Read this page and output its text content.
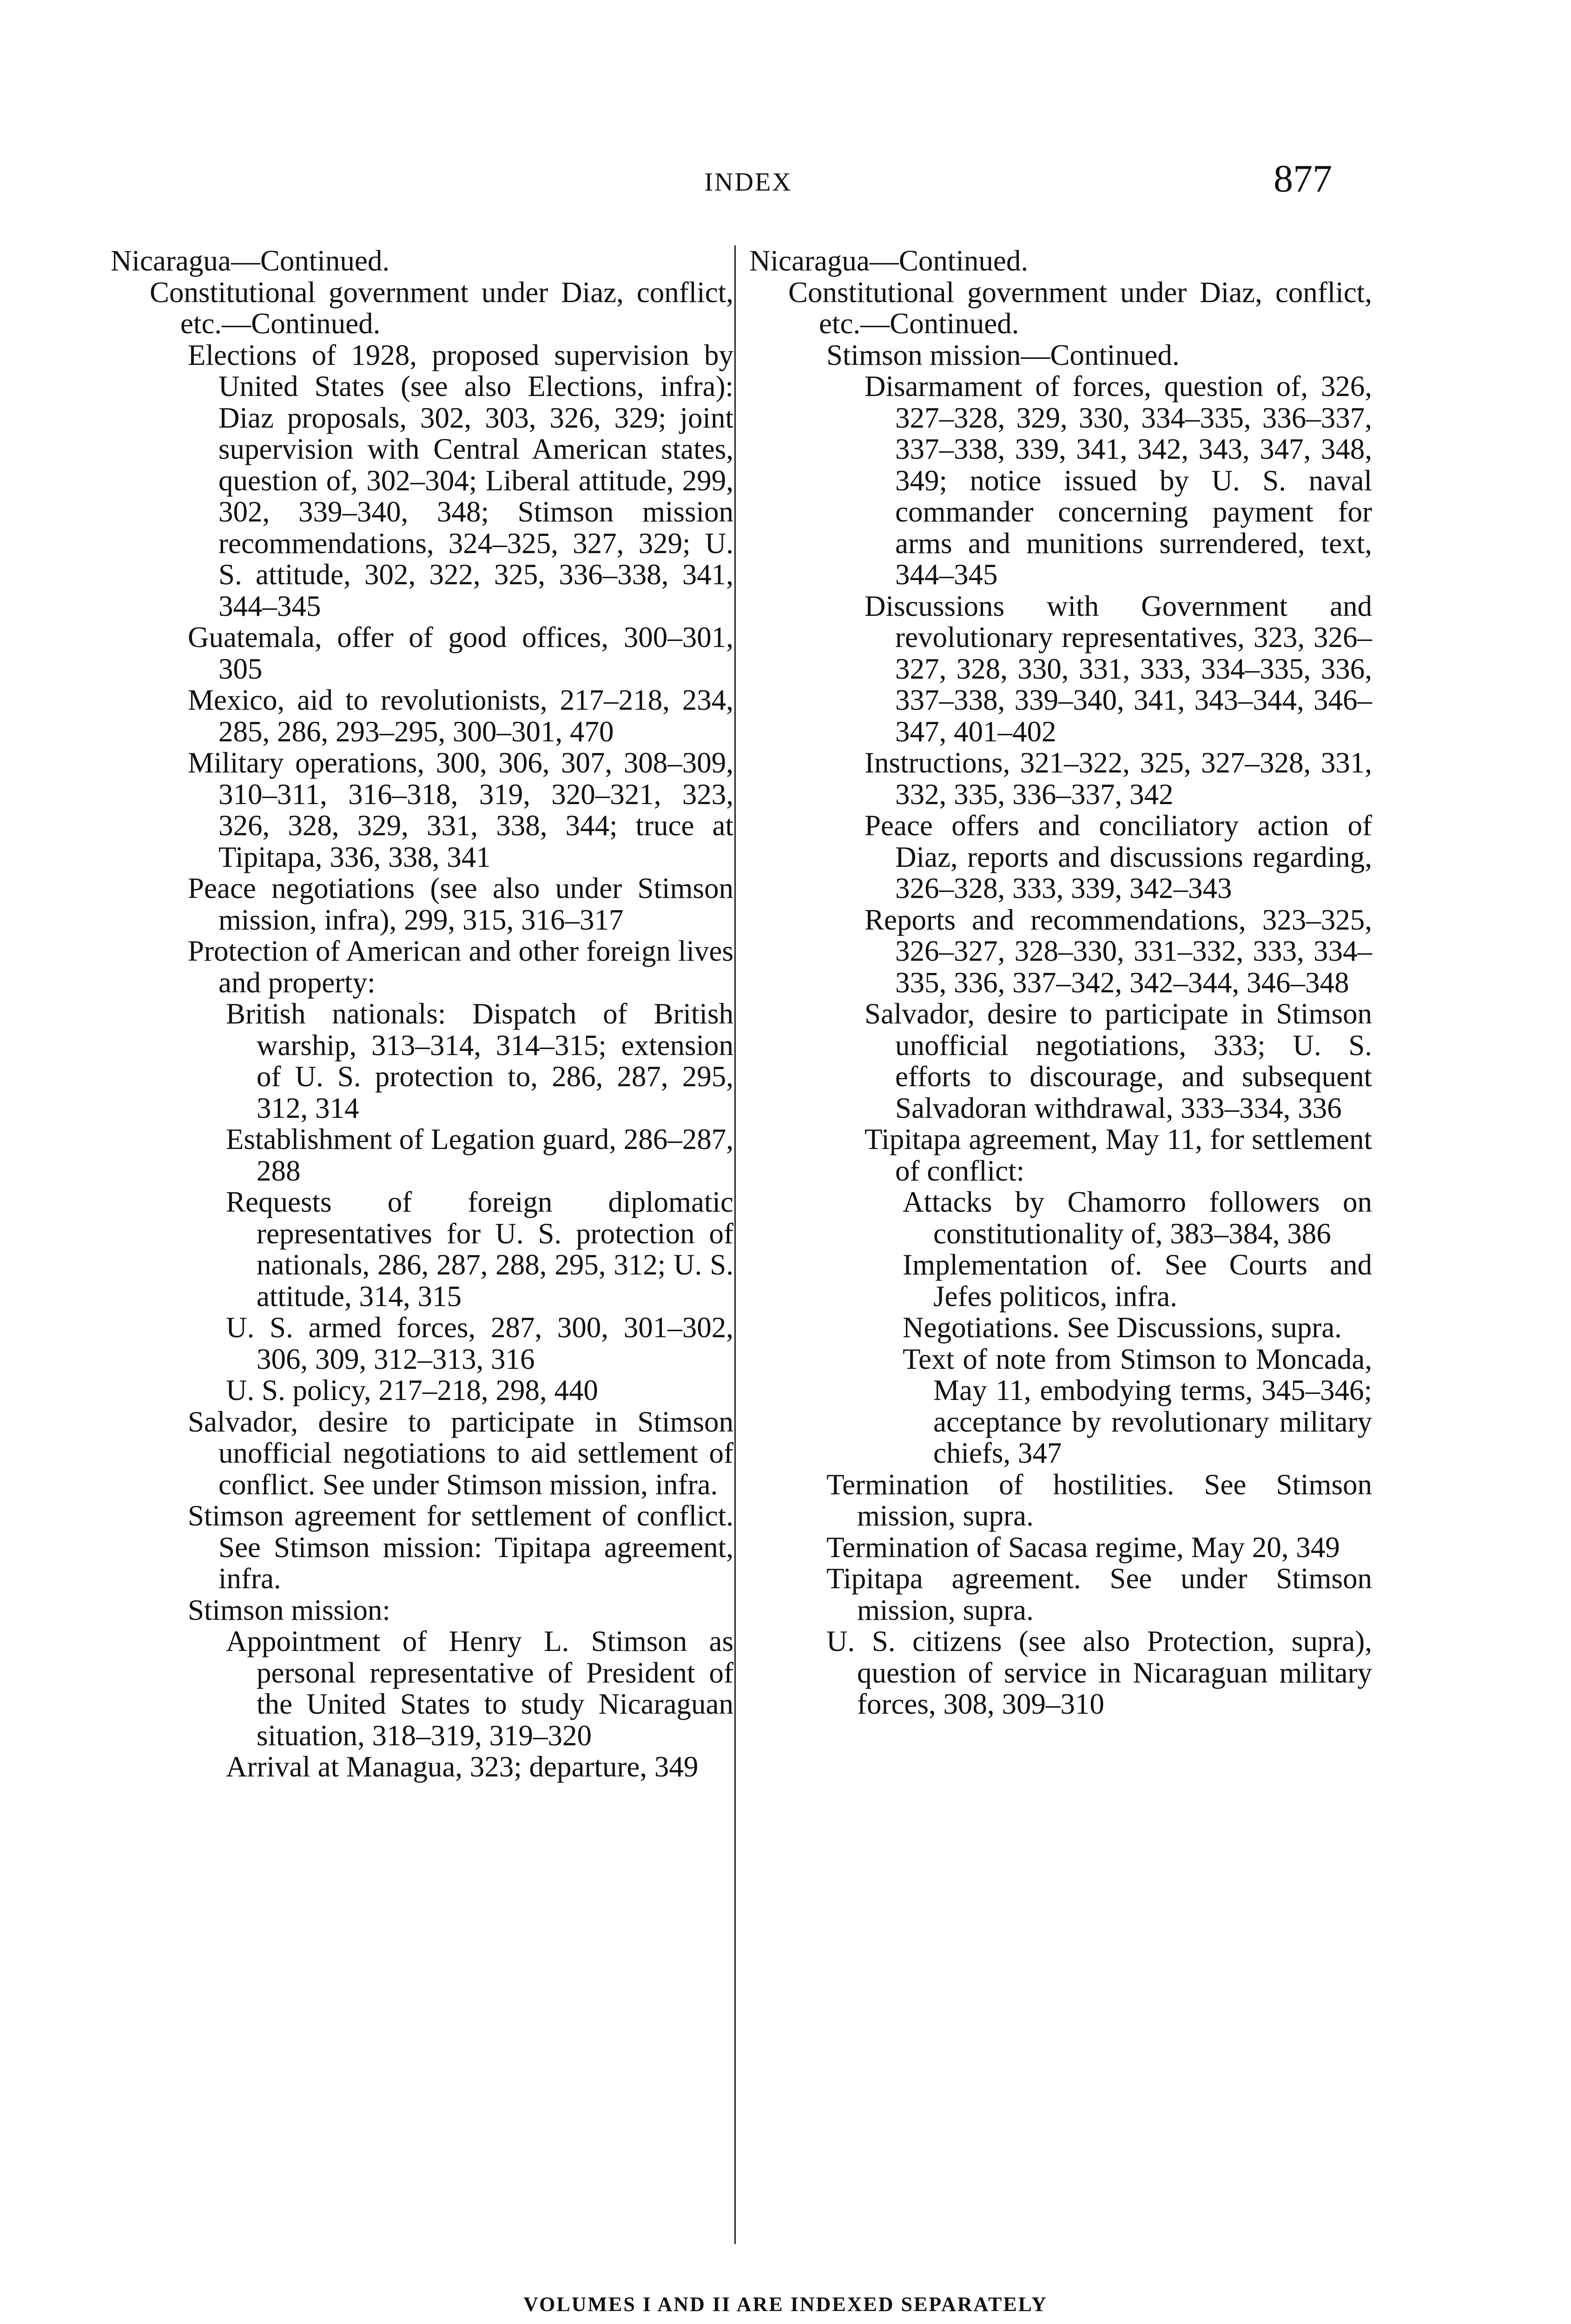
INDEX	877
Nicaragua—Continued.
Constitutional government under Diaz, conflict, etc.—Continued.
Elections of 1928, proposed supervision by United States (see also Elections, infra): Diaz proposals, 302, 303, 326, 329; joint supervision with Central American states, question of, 302–304; Liberal attitude, 299, 302, 339–340, 348; Stimson mission recommendations, 324–325, 327, 329; U. S. attitude, 302, 322, 325, 336–338, 341, 344–345
Guatemala, offer of good offices, 300–301, 305
Mexico, aid to revolutionists, 217–218, 234, 285, 286, 293–295, 300–301, 470
Military operations, 300, 306, 307, 308–309, 310–311, 316–318, 319, 320–321, 323, 326, 328, 329, 331, 338, 344; truce at Tipitapa, 336, 338, 341
Peace negotiations (see also under Stimson mission, infra), 299, 315, 316–317
Protection of American and other foreign lives and property:
British nationals: Dispatch of British warship, 313–314, 314–315; extension of U. S. protection to, 286, 287, 295, 312, 314
Establishment of Legation guard, 286–287, 288
Requests of foreign diplomatic representatives for U. S. protection of nationals, 286, 287, 288, 295, 312; U. S. attitude, 314, 315
U. S. armed forces, 287, 300, 301–302, 306, 309, 312–313, 316
U. S. policy, 217–218, 298, 440
Salvador, desire to participate in Stimson unofficial negotiations to aid settlement of conflict. See under Stimson mission, infra.
Stimson agreement for settlement of conflict. See Stimson mission: Tipitapa agreement, infra.
Stimson mission:
Appointment of Henry L. Stimson as personal representative of President of the United States to study Nicaraguan situation, 318–319, 319–320
Arrival at Managua, 323; departure, 349
Nicaragua—Continued.
Constitutional government under Diaz, conflict, etc.—Continued.
Stimson mission—Continued.
Disarmament of forces, question of, 326, 327–328, 329, 330, 334–335, 336–337, 337–338, 339, 341, 342, 343, 347, 348, 349; notice issued by U. S. naval commander concerning payment for arms and munitions surrendered, text, 344–345
Discussions with Government and revolutionary representatives, 323, 326–327, 328, 330, 331, 333, 334–335, 336, 337–338, 339–340, 341, 343–344, 346–347, 401–402
Instructions, 321–322, 325, 327–328, 331, 332, 335, 336–337, 342
Peace offers and conciliatory action of Diaz, reports and discussions regarding, 326–328, 333, 339, 342–343
Reports and recommendations, 323–325, 326–327, 328–330, 331–332, 333, 334–335, 336, 337–342, 342–344, 346–348
Salvador, desire to participate in Stimson unofficial negotiations, 333; U. S. efforts to discourage, and subsequent Salvadoran withdrawal, 333–334, 336
Tipitapa agreement, May 11, for settlement of conflict:
Attacks by Chamorro followers on constitutionality of, 383–384, 386
Implementation of. See Courts and Jefes politicos, infra.
Negotiations. See Discussions, supra.
Text of note from Stimson to Moncada, May 11, embodying terms, 345–346; acceptance by revolutionary military chiefs, 347
Termination of hostilities. See Stimson mission, supra.
Termination of Sacasa regime, May 20, 349
Tipitapa agreement. See under Stimson mission, supra.
U. S. citizens (see also Protection, supra), question of service in Nicaraguan military forces, 308, 309–310
VOLUMES I AND II ARE INDEXED SEPARATELY
